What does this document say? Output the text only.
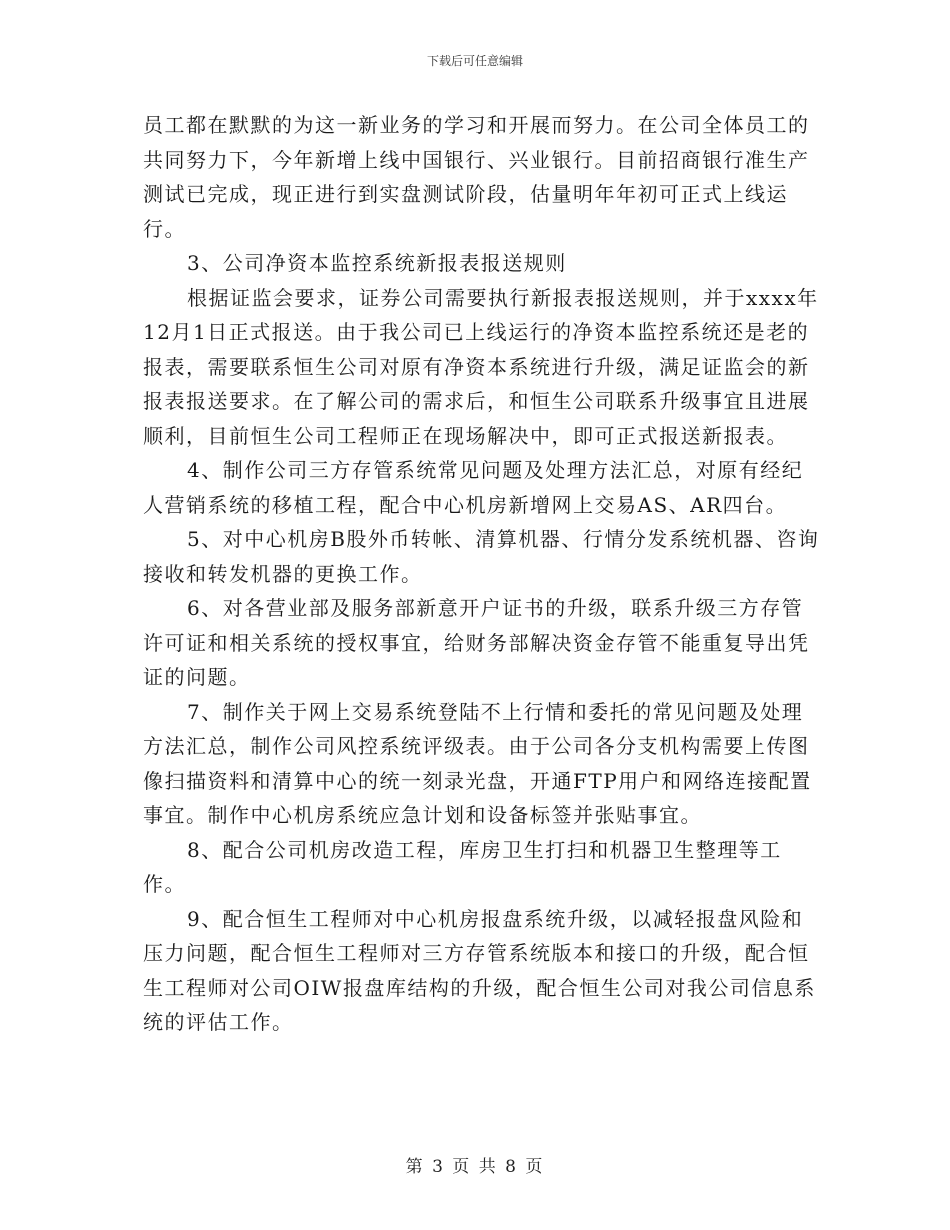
下载后可任意编辑

员工都在默默的为这一新业务的学习和开展而努力。在公司全体员工的共同努力下，今年新增上线中国银行、兴业银行。目前招商银行准生产测试已完成，现正进行到实盘测试阶段，估量明年年初可正式上线运行。

3、公司净资本监控系统新报表报送规则

根据证监会要求，证券公司需要执行新报表报送规则，并于xxxx年12月1日正式报送。由于我公司已上线运行的净资本监控系统还是老的报表，需要联系恒生公司对原有净资本系统进行升级，满足证监会的新报表报送要求。在了解公司的需求后，和恒生公司联系升级事宜且进展顺利，目前恒生公司工程师正在现场解决中，即可正式报送新报表。

4、制作公司三方存管系统常见问题及处理方法汇总，对原有经纪人营销系统的移植工程，配合中心机房新增网上交易AS、AR四台。

5、对中心机房B股外币转帐、清算机器、行情分发系统机器、咨询接收和转发机器的更换工作。

6、对各营业部及服务部新意开户证书的升级，联系升级三方存管许可证和相关系统的授权事宜，给财务部解决资金存管不能重复导出凭证的问题。

7、制作关于网上交易系统登陆不上行情和委托的常见问题及处理方法汇总，制作公司风控系统评级表。由于公司各分支机构需要上传图像扫描资料和清算中心的统一刻录光盘，开通FTP用户和网络连接配置事宜。制作中心机房系统应急计划和设备标签并张贴事宜。

8、配合公司机房改造工程，库房卫生打扫和机器卫生整理等工作。

9、配合恒生工程师对中心机房报盘系统升级，以减轻报盘风险和压力问题，配合恒生工程师对三方存管系统版本和接口的升级，配合恒生工程师对公司OIW报盘库结构的升级，配合恒生公司对我公司信息系统的评估工作。

第 3 页 共 8 页
